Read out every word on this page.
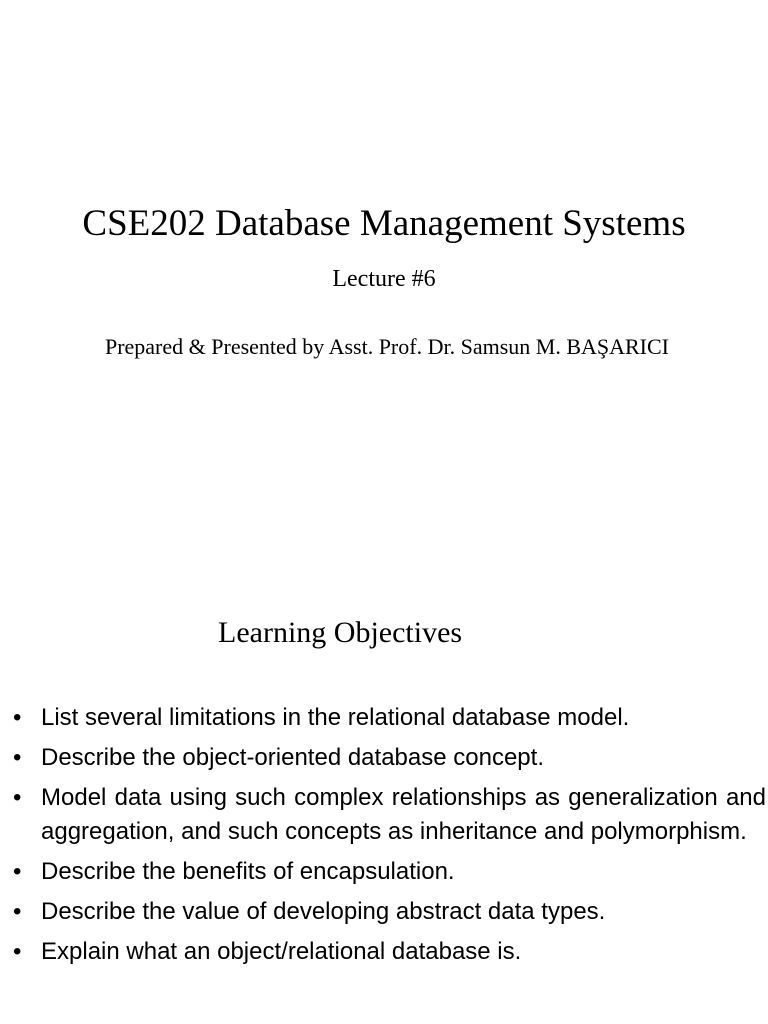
CSE202 Database Management Systems
Lecture #6
Prepared & Presented by Asst. Prof. Dr. Samsun M. BAŞARICI
Learning Objectives
• List several limitations in the relational database model.
• Describe the object-oriented database concept.
• Model data using such complex relationships as generalization and aggregation, and such concepts as inheritance and polymorphism.
• Describe the benefits of encapsulation.
• Describe the value of developing abstract data types.
• Explain what an object/relational database is.
